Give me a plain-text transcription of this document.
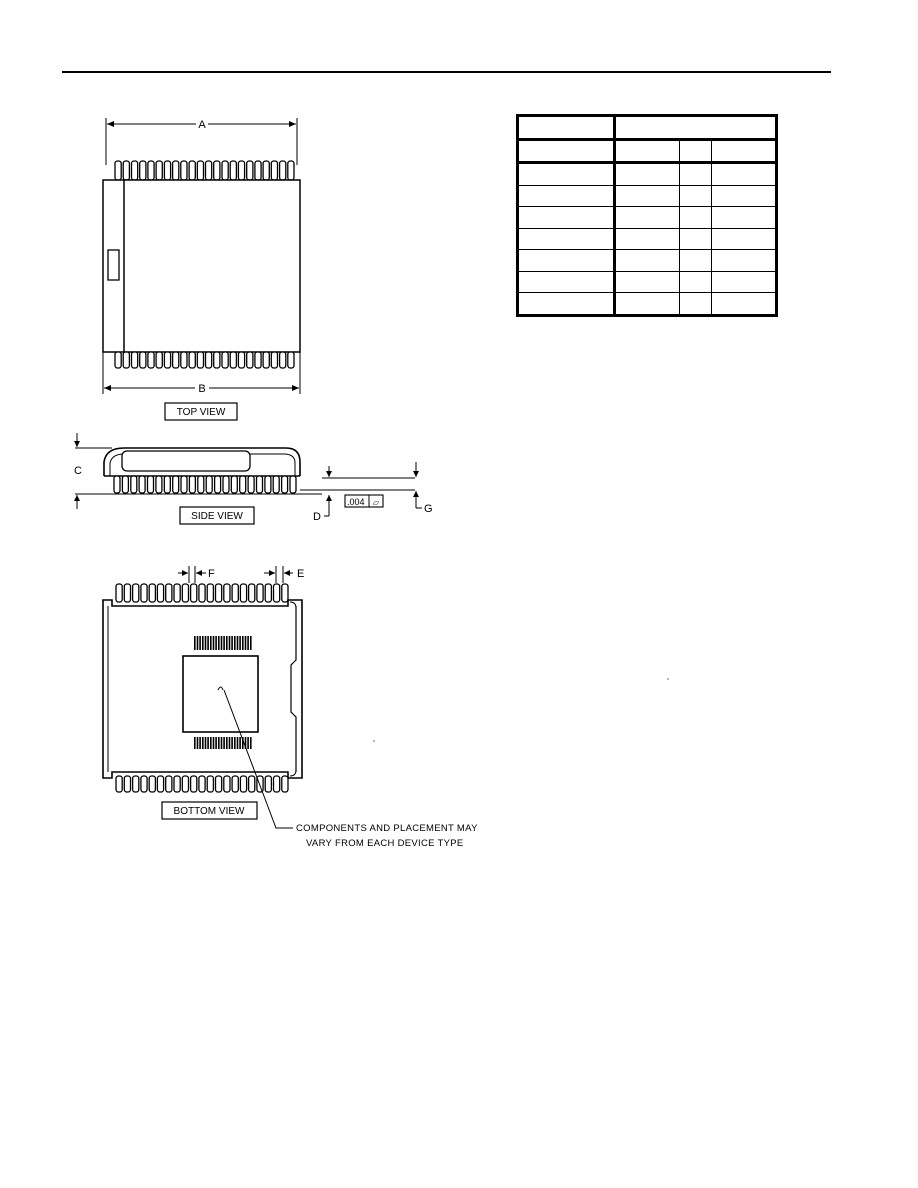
A
B
TOP VIEW
C
D
G
.004 ⏥
SIDE VIEW
F	E
BOTTOM VIEW
COMPONENTS AND PLACEMENT MAY
VARY FROM EACH DEVICE TYPE
